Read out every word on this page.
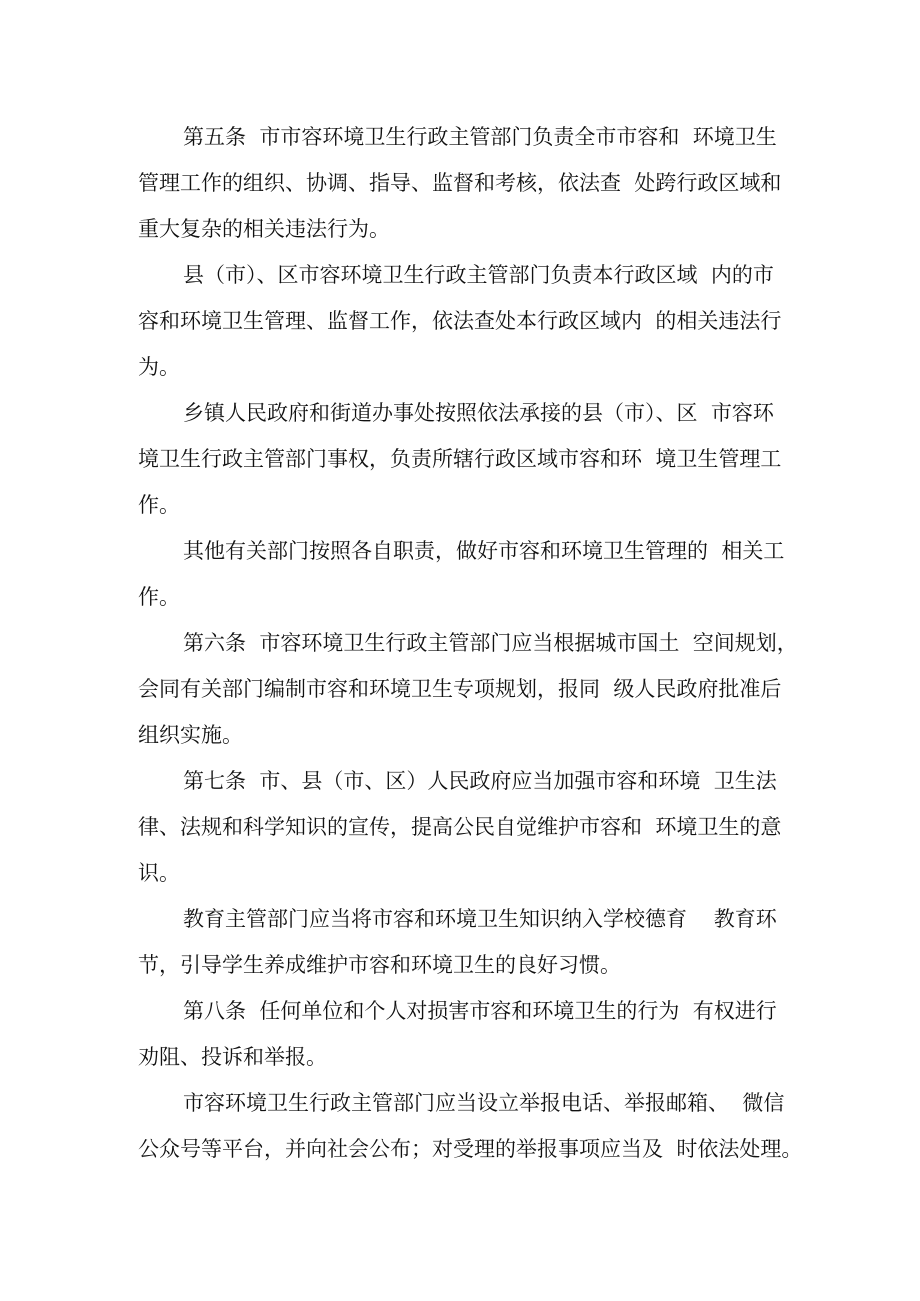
第五条  市市容环境卫生行政主管部门负责全市市容和  环境卫生
管理工作的组织、协调、指导、监督和考核，依法查  处跨行政区域和
重大复杂的相关违法行为。
县（市）、区市容环境卫生行政主管部门负责本行政区域  内的市
容和环境卫生管理、监督工作，依法查处本行政区域内  的相关违法行
为。
乡镇人民政府和街道办事处按照依法承接的县（市）、区  市容环
境卫生行政主管部门事权，负责所辖行政区域市容和环  境卫生管理工
作。
其他有关部门按照各自职责，做好市容和环境卫生管理的  相关工
作。
第六条  市容环境卫生行政主管部门应当根据城市国土  空间规划，
会同有关部门编制市容和环境卫生专项规划，报同  级人民政府批准后
组织实施。
第七条  市、县（市、区）人民政府应当加强市容和环境  卫生法
律、法规和科学知识的宣传，提高公民自觉维护市容和  环境卫生的意
识。
教育主管部门应当将市容和环境卫生知识纳入学校德育    教育环
节，引导学生养成维护市容和环境卫生的良好习惯。
第八条  任何单位和个人对损害市容和环境卫生的行为  有权进行
劝阻、投诉和举报。
市容环境卫生行政主管部门应当设立举报电话、举报邮箱、  微信
公众号等平台，并向社会公布；对受理的举报事项应当及  时依法处理。
